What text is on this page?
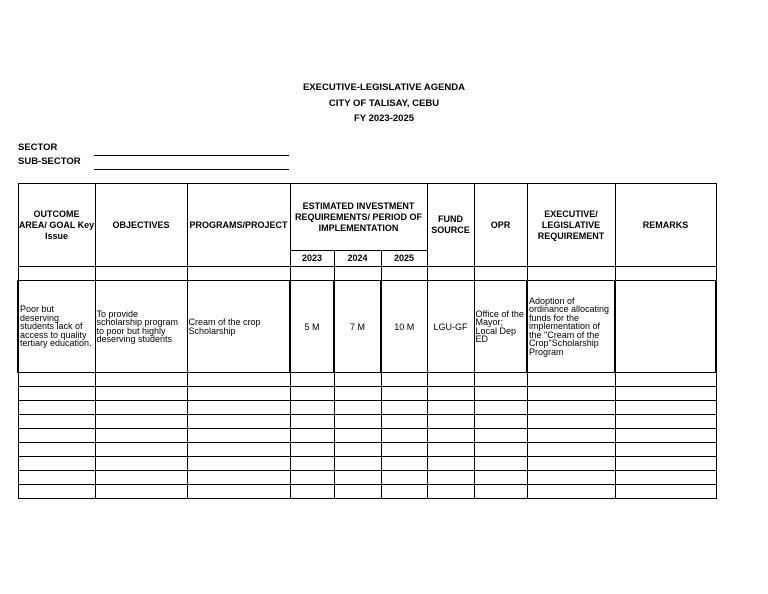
EXECUTIVE-LEGISLATIVE AGENDA
CITY OF TALISAY, CEBU
FY 2023-2025
SECTOR
SUB-SECTOR
OUTCOME AREA/ GOAL Key Issue	OBJECTIVES	PROGRAMS/PROJECT	ESTIMATED INVESTMENT REQUIREMENTS/ PERIOD OF IMPLEMENTATION			FUND SOURCE	OPR	EXECUTIVE/ LEGISLATIVE REQUIREMENT	REMARKS
			2023	2024	2025				

Poor but deserving students lack of access to quality tertiary education.	To provide scholarship program to poor but highly deserving students	Cream of the crop Scholarship	5 M	7 M	10 M	LGU-GF	Office of the Mayor; Local Dep ED	Adoption of ordinance allocating funds for the implementation of the "Cream of the Crop"Scholarship Program	
